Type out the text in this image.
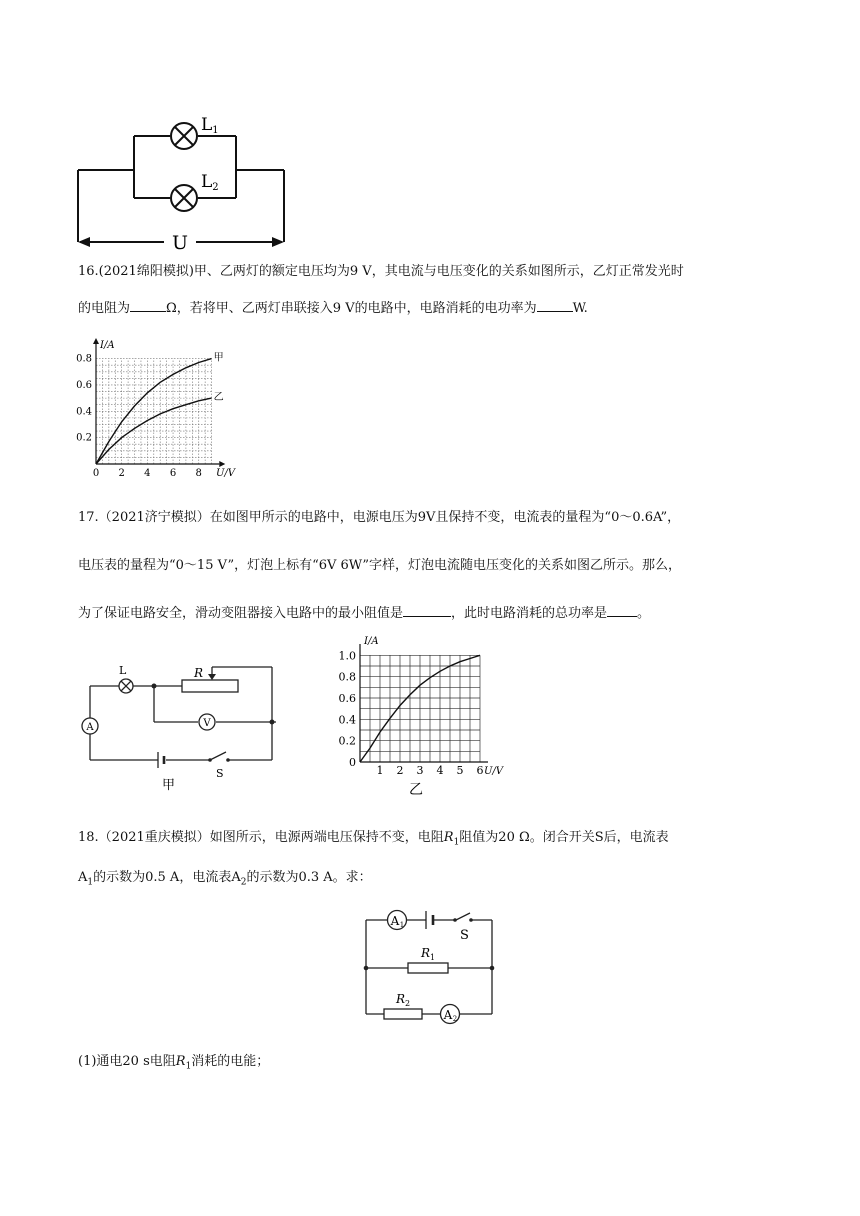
L1
L2
U
16.(2021绵阳模拟)甲、乙两灯的额定电压均为9 V，其电流与电压变化的关系如图所示，乙灯正常发光时
的电阻为	Ω，若将甲、乙两灯串联接入9 V的电路中，电路消耗的电功率为	W.
0.2
0.4
0.6
0.8
0 2 4 6 8
I/A
U/V
甲
乙
17.（2021济宁模拟）在如图甲所示的电路中，电源电压为9V且保持不变，电流表的量程为“0～0.6A”，
电压表的量程为“0～15 V”，灯泡上标有“6V 6W”字样，灯泡电流随电压变化的关系如图乙所示。那么，
为了保证电路安全，滑动变阻器接入电路中的最小阻值是	，此时电路消耗的总功率是 。
L	R
V
A
S
甲
0
0.2
0.4
0.6
0.8
1.0
1 2 3 4 5 6
I/A
U/V
乙
18.（2021重庆模拟）如图所示，电源两端电压保持不变，电阻$R_1$阻值为20 Ω。闭合开关S后，电流表
$A_1$的示数为0.5 A，电流表$A_2$的示数为0.3 A。求：
A 1
S
$R_1$
$R_2$
A 2
(1)通电20 s电阻$R_1$消耗的电能；
